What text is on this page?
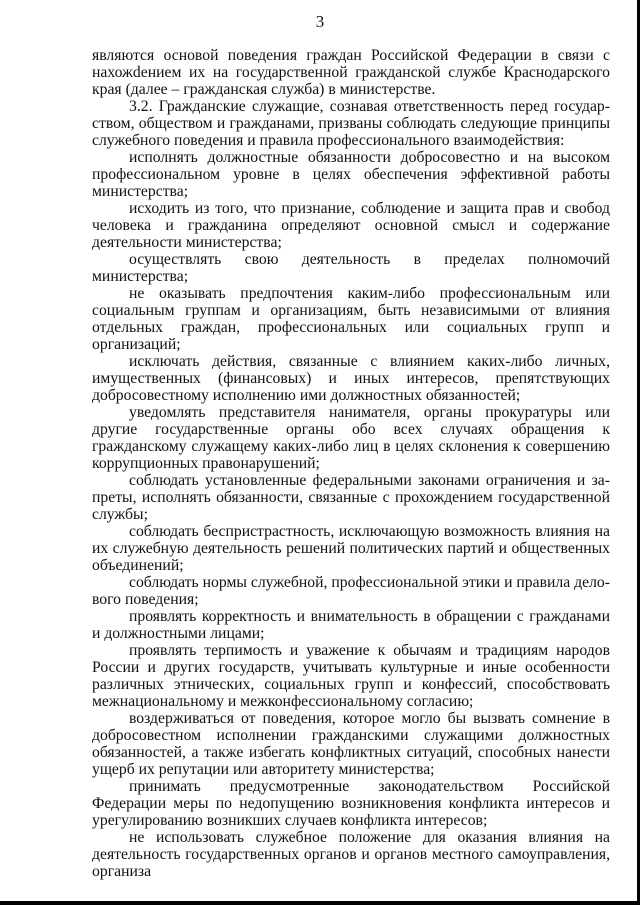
3

являются основой поведения граждан Российской Федерации в связи с нахожdением их на государственной гражданской службе Краснодарского края (далее – гражданская служба) в министерстве.

3.2. Гражданские служащие, сознавая ответственность перед государством, обществом и гражданами, призваны соблюдать следующие принципы служебного поведения и правила профессионального взаимодействия:

исполнять должностные обязанности добросовестно и на высоком профессиональном уровне в целях обеспечения эффективной работы министерства;

исходить из того, что признание, соблюдение и защита прав и свобод человека и гражданина определяют основной смысл и содержание деятельности министерства;

осуществлять свою деятельность в пределах полномочий министерства;

не оказывать предпочтения каким-либо профессиональным или социальным группам и организациям, быть независимыми от влияния отдельных граждан, профессиональных или социальных групп и организаций;

исключать действия, связанные с влиянием каких-либо личных, имущественных (финансовых) и иных интересов, препятствующих добросовестному исполнению ими должностных обязанностей;

уведомлять представителя нанимателя, органы прокуратуры или другие государственные органы обо всех случаях обращения к гражданскому служащему каких-либо лиц в целях склонения к совершению коррупционных правонарушений;

соблюдать установленные федеральными законами ограничения и запреты, исполнять обязанности, связанные с прохождением государственной службы;

соблюдать беспристрастность, исключающую возможность влияния на их служебную деятельность решений политических партий и общественных объединений;

соблюдать нормы служебной, профессиональной этики и правила делового поведения;

проявлять корректность и внимательность в обращении с гражданами и должностными лицами;

проявлять терпимость и уважение к обычаям и традициям народов России и других государств, учитывать культурные и иные особенности различных этнических, социальных групп и конфессий, способствовать межнациональному и межконфессиональному согласию;

воздерживаться от поведения, которое могло бы вызвать сомнение в добросовестном исполнении гражданскими служащими должностных обязанностей, а также избегать конфликтных ситуаций, способных нанести ущерб их репутации или авторитету министерства;

принимать предусмотренные законодательством Российской Федерации меры по недопущению возникновения конфликта интересов и урегулированию возникших случаев конфликта интересов;

не использовать служебное положение для оказания влияния на деятельность государственных органов и органов местного самоуправления, организа
